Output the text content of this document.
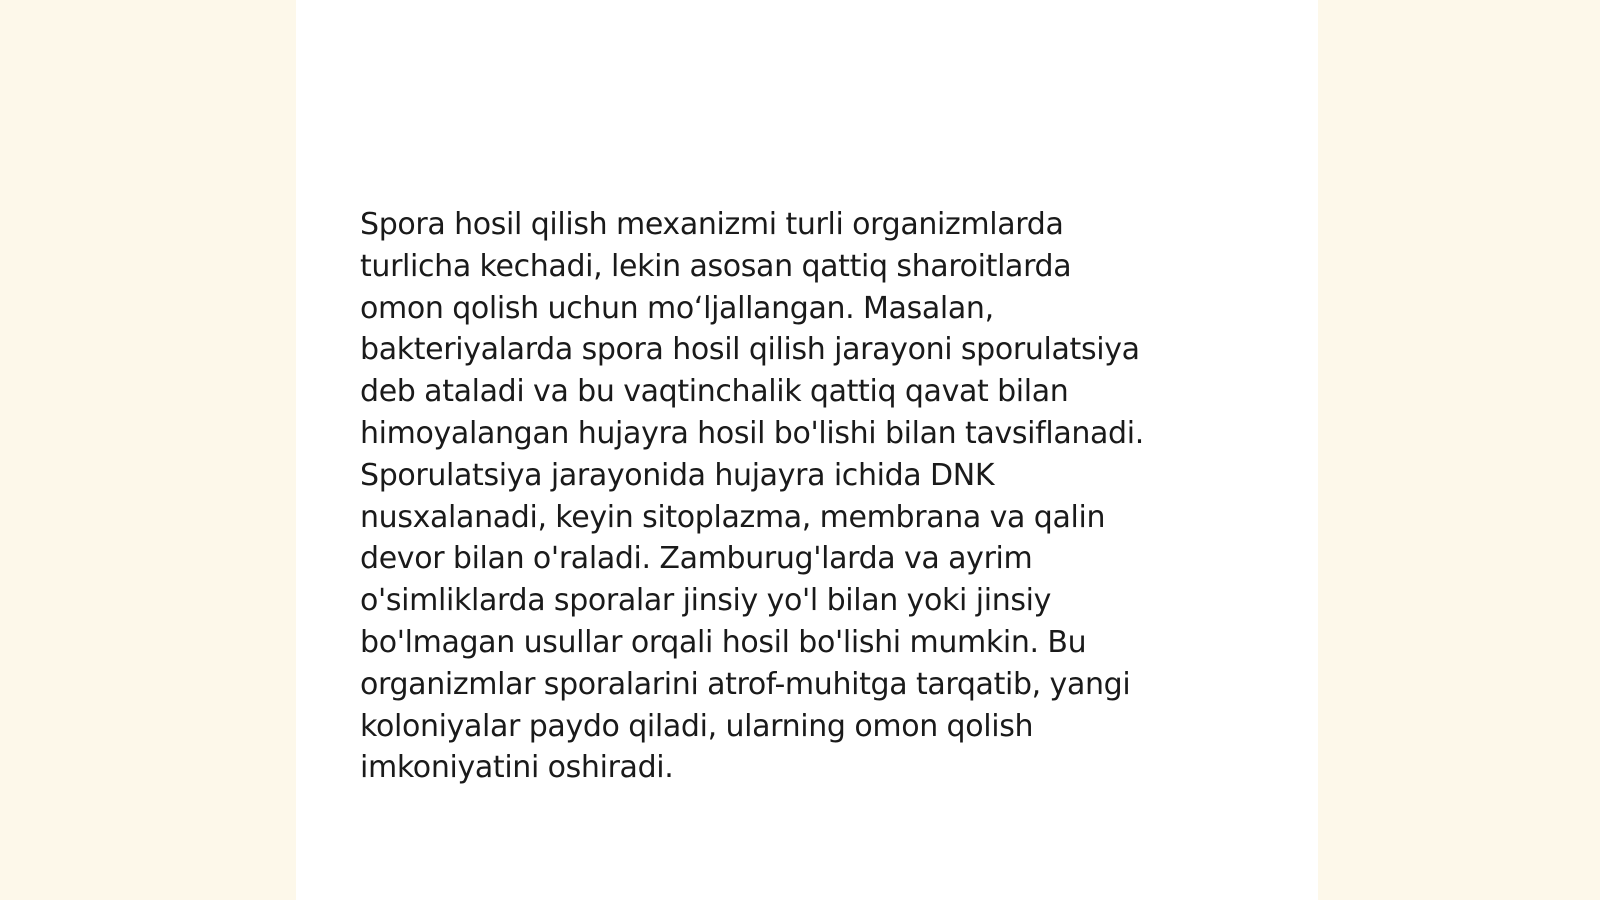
Spora hosil qilish mexanizmi turli organizmlarda
turlicha kechadi, lekin asosan qattiq sharoitlarda
omon qolish uchun mo‘ljallangan. Masalan,
bakteriyalarda spora hosil qilish jarayoni sporulatsiya
deb ataladi va bu vaqtinchalik qattiq qavat bilan
himoyalangan hujayra hosil bo'lishi bilan tavsiflanadi.
Sporulatsiya jarayonida hujayra ichida DNK
nusxalanadi, keyin sitoplazma, membrana va qalin
devor bilan o'raladi. Zamburug'larda va ayrim
o'simliklarda sporalar jinsiy yo'l bilan yoki jinsiy
bo'lmagan usullar orqali hosil bo'lishi mumkin. Bu
organizmlar sporalarini atrof-muhitga tarqatib, yangi
koloniyalar paydo qiladi, ularning omon qolish
imkoniyatini oshiradi.
